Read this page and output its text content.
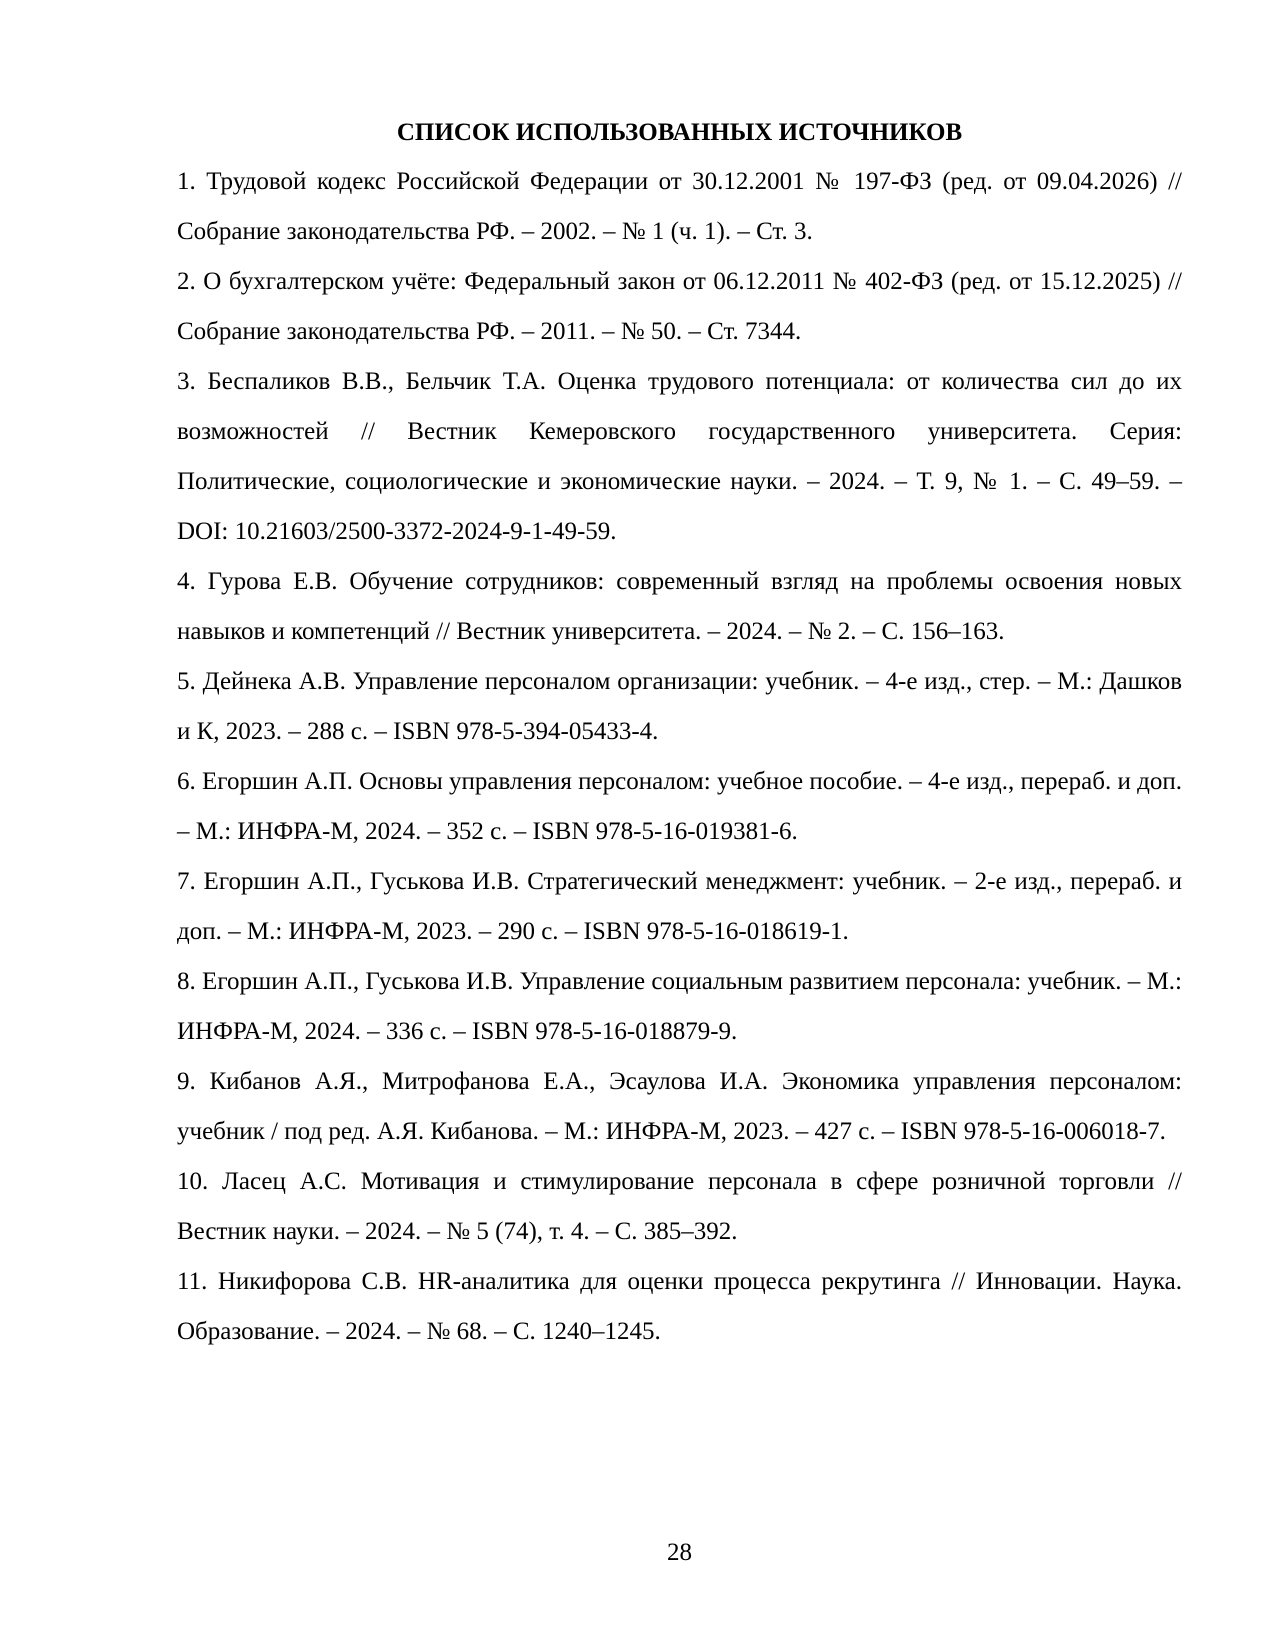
СПИСОК ИСПОЛЬЗОВАННЫХ ИСТОЧНИКОВ
1. Трудовой кодекс Российской Федерации от 30.12.2001 № 197-ФЗ (ред. от 09.04.2026) // Собрание законодательства РФ. – 2002. – № 1 (ч. 1). – Ст. 3.
2. О бухгалтерском учёте: Федеральный закон от 06.12.2011 № 402-ФЗ (ред. от 15.12.2025) // Собрание законодательства РФ. – 2011. – № 50. – Ст. 7344.
3. Беспаликов В.В., Бельчик Т.А. Оценка трудового потенциала: от количества сил до их возможностей // Вестник Кемеровского государственного университета. Серия: Политические, социологические и экономические науки. – 2024. – Т. 9, № 1. – С. 49–59. – DOI: 10.21603/2500-3372-2024-9-1-49-59.
4. Гурова Е.В. Обучение сотрудников: современный взгляд на проблемы освоения новых навыков и компетенций // Вестник университета. – 2024. – № 2. – С. 156–163.
5. Дейнека А.В. Управление персоналом организации: учебник. – 4-е изд., стер. – М.: Дашков и К, 2023. – 288 с. – ISBN 978-5-394-05433-4.
6. Егоршин А.П. Основы управления персоналом: учебное пособие. – 4-е изд., перераб. и доп. – М.: ИНФРА-М, 2024. – 352 с. – ISBN 978-5-16-019381-6.
7. Егоршин А.П., Гуськова И.В. Стратегический менеджмент: учебник. – 2-е изд., перераб. и доп. – М.: ИНФРА-М, 2023. – 290 с. – ISBN 978-5-16-018619-1.
8. Егоршин А.П., Гуськова И.В. Управление социальным развитием персонала: учебник. – М.: ИНФРА-М, 2024. – 336 с. – ISBN 978-5-16-018879-9.
9. Кибанов А.Я., Митрофанова Е.А., Эсаулова И.А. Экономика управления персоналом: учебник / под ред. А.Я. Кибанова. – М.: ИНФРА-М, 2023. – 427 с. – ISBN 978-5-16-006018-7.
10. Ласец А.С. Мотивация и стимулирование персонала в сфере розничной торговли // Вестник науки. – 2024. – № 5 (74), т. 4. – С. 385–392.
11. Никифорова С.В. HR-аналитика для оценки процесса рекрутинга // Инновации. Наука. Образование. – 2024. – № 68. – С. 1240–1245.
28
